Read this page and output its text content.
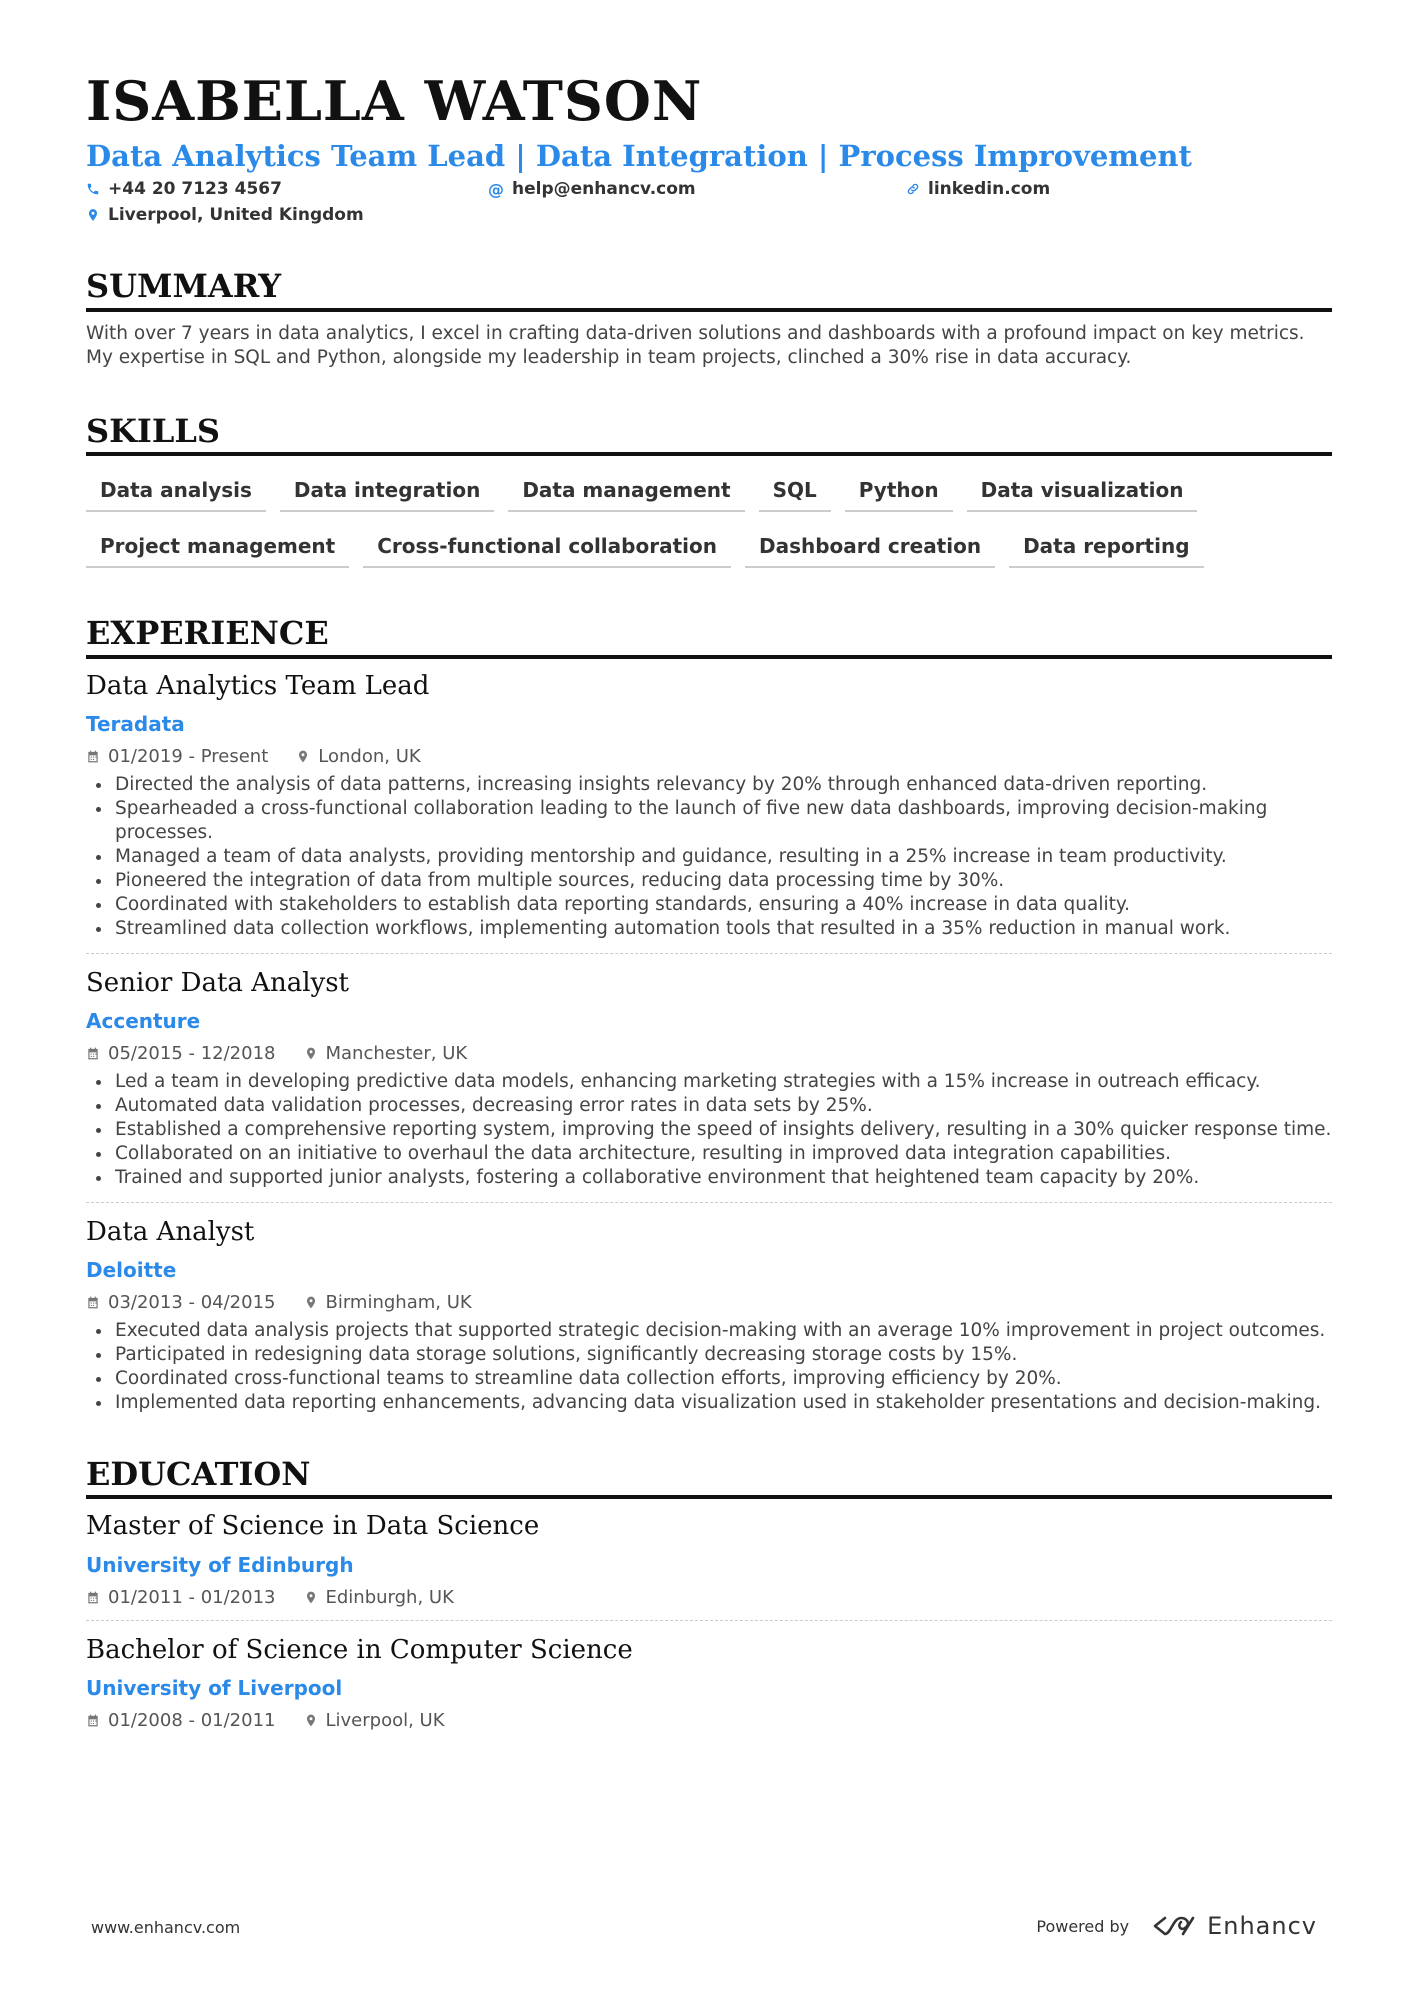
ISABELLA WATSON
Data Analytics Team Lead | Data Integration | Process Improvement
+44 20 7123 4567	@ help@enhancv.com	linkedin.com
Liverpool, United Kingdom
SUMMARY
With over 7 years in data analytics, I excel in crafting data-driven solutions and dashboards with a profound impact on key metrics. My expertise in SQL and Python, alongside my leadership in team projects, clinched a 30% rise in data accuracy.
SKILLS
Data analysis	Data integration	Data management	SQL	Python	Data visualization
Project management	Cross-functional collaboration	Dashboard creation	Data reporting
EXPERIENCE
Data Analytics Team Lead
Teradata
01/2019 - Present	London, UK
• Directed the analysis of data patterns, increasing insights relevancy by 20% through enhanced data-driven reporting.
• Spearheaded a cross-functional collaboration leading to the launch of five new data dashboards, improving decision-making processes.
• Managed a team of data analysts, providing mentorship and guidance, resulting in a 25% increase in team productivity.
• Pioneered the integration of data from multiple sources, reducing data processing time by 30%.
• Coordinated with stakeholders to establish data reporting standards, ensuring a 40% increase in data quality.
• Streamlined data collection workflows, implementing automation tools that resulted in a 35% reduction in manual work.
Senior Data Analyst
Accenture
05/2015 - 12/2018	Manchester, UK
• Led a team in developing predictive data models, enhancing marketing strategies with a 15% increase in outreach efficacy.
• Automated data validation processes, decreasing error rates in data sets by 25%.
• Established a comprehensive reporting system, improving the speed of insights delivery, resulting in a 30% quicker response time.
• Collaborated on an initiative to overhaul the data architecture, resulting in improved data integration capabilities.
• Trained and supported junior analysts, fostering a collaborative environment that heightened team capacity by 20%.
Data Analyst
Deloitte
03/2013 - 04/2015	Birmingham, UK
• Executed data analysis projects that supported strategic decision-making with an average 10% improvement in project outcomes.
• Participated in redesigning data storage solutions, significantly decreasing storage costs by 15%.
• Coordinated cross-functional teams to streamline data collection efforts, improving efficiency by 20%.
• Implemented data reporting enhancements, advancing data visualization used in stakeholder presentations and decision-making.
EDUCATION
Master of Science in Data Science
University of Edinburgh
01/2011 - 01/2013	Edinburgh, UK
Bachelor of Science in Computer Science
University of Liverpool
01/2008 - 01/2011	Liverpool, UK
www.enhancv.com	Powered by	Enhancv
